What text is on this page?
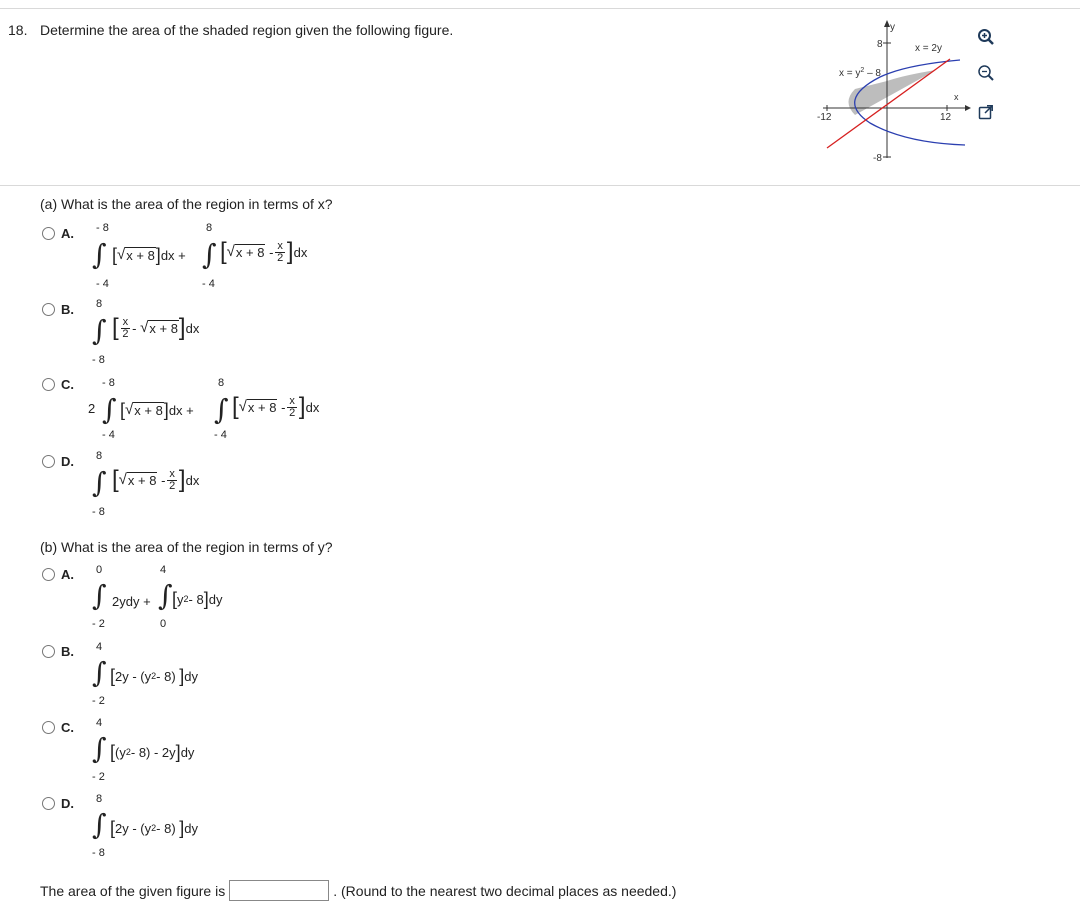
18. Determine the area of the shaded region given the following figure.	y
8
-8
-12	12
x
x = 2y
$x = y^2 - 8$
(a) What is the area of the region in terms of x?
A. - 8
∫
- 4
[ √ x + 8 ] dx
+
8
∫
- 4
[ √ x + 8
- $\frac{x}{2}$ ] dx
B. 8
∫
- 8
[ $\frac{x}{2}$ -
√ x + 8 ] dx
C.
2
- 8
∫
- 4
[ √ x + 8 ] dx
+
8
∫
- 4
[ √ x + 8
- $\frac{x}{2}$ ] dx
D. 8
∫
- 8
[ √ x + 8
- $\frac{x}{2}$ ] dx
(b) What is the area of the region in terms of y?
A. 0
∫
- 2
2ydy +
4
∫
0
[ y 2 - 8 ] dy
B. 4
∫
- 2
[ 2y - (y 2 - 8)
] dy
C. 4
∫
- 2
[ (y 2 - 8) - 2y ] dy
D. 8
∫
- 8
[ 2y - (y 2 - 8)
] dy
The area of the given figure is	. (Round to the nearest two decimal places as needed.)
